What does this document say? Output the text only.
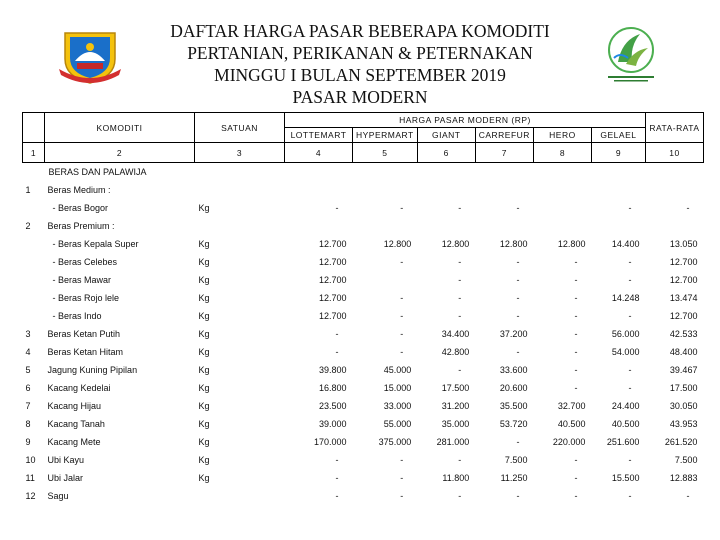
DAFTAR HARGA PASAR BEBERAPA KOMODITI
PERTANIAN, PERIKANAN & PETERNAKAN
MINGGU I BULAN SEPTEMBER 2019
PASAR MODERN
	KOMODITI	SATUAN	HARGA PASAR MODERN (RP)						RATA-RATA
			LOTTEMART	HYPERMART	GIANT	CARREFUR	HERO	GELAEL	
1	2	3	4	5	6	7	8	9	10
BERAS DAN PALAWIJA									
1	Beras Medium :								
	- Beras Bogor	Kg	-	-	-	-		-	-
2	Beras Premium :								
	- Beras Kepala Super	Kg	12.700	12.800	12.800	12.800	12.800	14.400	13.050
	- Beras Celebes	Kg	12.700	-	-	-	-	-	12.700
	- Beras Mawar	Kg	12.700		-	-	-	-	12.700
	- Beras Rojo lele	Kg	12.700	-	-	-	-	14.248	13.474
	- Beras Indo	Kg	12.700	-	-	-	-	-	12.700
3	Beras Ketan Putih	Kg	-	-	34.400	37.200	-	56.000	42.533
4	Beras Ketan Hitam	Kg	-	-	42.800	-	-	54.000	48.400
5	Jagung Kuning Pipilan	Kg	39.800	45.000	-	33.600	-	-	39.467
6	Kacang Kedelai	Kg	16.800	15.000	17.500	20.600	-	-	17.500
7	Kacang Hijau	Kg	23.500	33.000	31.200	35.500	32.700	24.400	30.050
8	Kacang Tanah	Kg	39.000	55.000	35.000	53.720	40.500	40.500	43.953
9	Kacang Mete	Kg	170.000	375.000	281.000	-	220.000	251.600	261.520
10	Ubi Kayu	Kg	-	-	-	7.500	-	-	7.500
11	Ubi Jalar	Kg	-	-	11.800	11.250	-	15.500	12.883
12	Sagu		-	-	-	-	-	-	-
